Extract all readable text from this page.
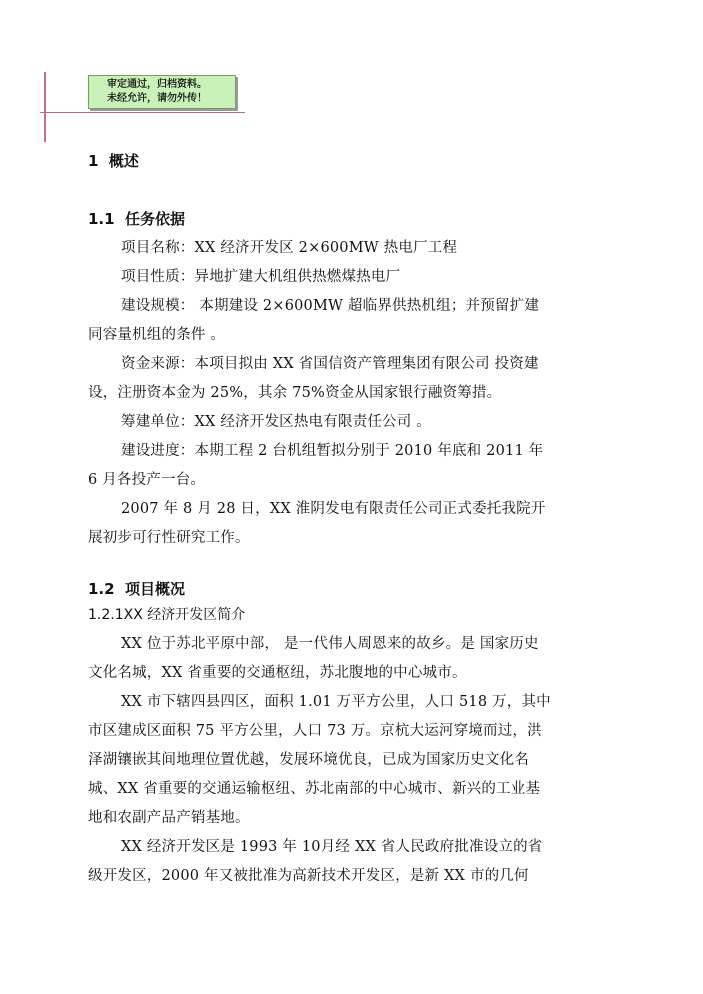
审定通过，归档资料。
未经允许，请勿外传！
1 概述
1.1 任务依据
项目名称：XX 经济开发区 2×600MW 热电厂工程
项目性质：异地扩建大机组供热燃煤热电厂
建设规模： 本期建设 2×600MW 超临界供热机组；并预留扩建
同容量机组的条件 。
资金来源：本项目拟由 XX 省国信资产管理集团有限公司 投资建
设，注册资本金为 25%，其余 75%资金从国家银行融资筹措。
筹建单位：XX 经济开发区热电有限责任公司 。
建设进度：本期工程 2 台机组暂拟分别于 2010 年底和 2011 年
6 月各投产一台。
2007 年 8 月 28 日，XX 淮阴发电有限责任公司正式委托我院开
展初步可行性研究工作。
1.2 项目概况
1.2.1XX 经济开发区简介
XX 位于苏北平原中部， 是一代伟人周恩来的故乡。是 国家历史
文化名城，XX 省重要的交通枢纽，苏北腹地的中心城市。
XX 市下辖四县四区，面积 1.01 万平方公里，人口 518 万，其中
市区建成区面积 75 平方公里，人口 73 万。京杭大运河穿境而过，洪
泽湖镶嵌其间地理位置优越，发展环境优良，已成为国家历史文化名
城、XX 省重要的交通运输枢纽、苏北南部的中心城市、新兴的工业基
地和农副产品产销基地。
XX 经济开发区是 1993 年 10月经 XX 省人民政府批准设立的省
级开发区，2000 年又被批准为高新技术开发区，是新 XX 市的几何
